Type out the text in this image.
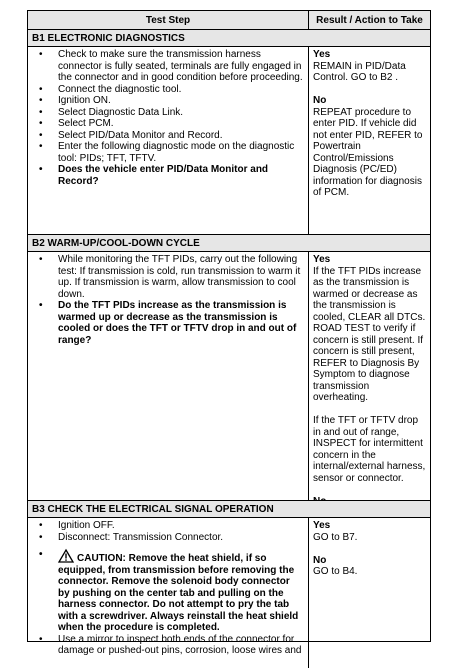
Test Step	Result / Action to Take
B1 ELECTRONIC DIAGNOSTICS
• Check to make sure the transmission harness connector is fully seated, terminals are fully engaged in the connector and in good condition before proceeding.
• Connect the diagnostic tool.
• Ignition ON.
• Select Diagnostic Data Link.
• Select PCM.
• Select PID/Data Monitor and Record.
• Enter the following diagnostic mode on the diagnostic tool: PIDs; TFT, TFTV.
• Does the vehicle enter PID/Data Monitor and Record?
Yes
REMAIN in PID/Data Control. GO to B2 .
No
REPEAT procedure to enter PID. If vehicle did not enter PID, REFER to Powertrain Control/Emissions Diagnosis (PC/ED) information for diagnosis of PCM.
B2 WARM-UP/COOL-DOWN CYCLE
• While monitoring the TFT PIDs, carry out the following test: If transmission is cold, run transmission to warm it up. If transmission is warm, allow transmission to cool down.
• Do the TFT PIDs increase as the transmission is warmed up or decrease as the transmission is cooled or does the TFT or TFTV drop in and out of range?
Yes
If the TFT PIDs increase as the transmission is warmed or decrease as the transmission is cooled, CLEAR all DTCs. ROAD TEST to verify if concern is still present. If concern is still present, REFER to Diagnosis By Symptom to diagnose transmission overheating.
If the TFT or TFTV drop in and out of range, INSPECT for intermittent concern in the internal/external harness, sensor or connector.
B3 CHECK THE ELECTRICAL SIGNAL OPERATION
• Ignition OFF.
• Disconnect: Transmission Connector.
•	CAUTION: Remove the heat shield, if so equipped, from transmission before removing the connector. Remove the solenoid body connector by pushing on the center tab and pulling on the harness connector. Do not attempt to pry the tab with a screwdriver. Always reinstall the heat shield when the procedure is completed.
• Use a mirror to inspect both ends of the connector for damage or pushed-out pins, corrosion, loose wires and
Yes
GO to B7.
No
GO to B4.
